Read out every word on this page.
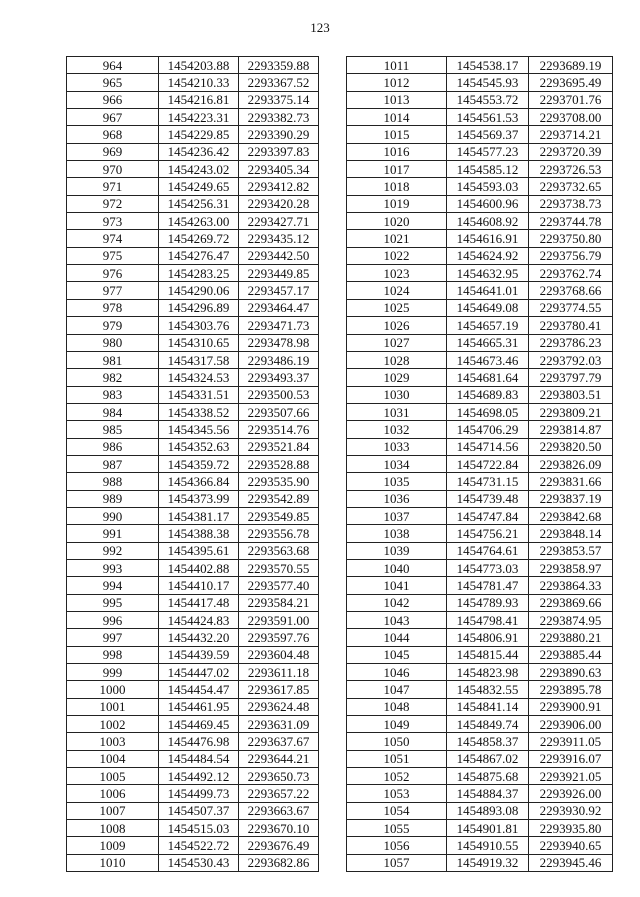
123
964	1454203.88	2293359.88
965	1454210.33	2293367.52
966	1454216.81	2293375.14
967	1454223.31	2293382.73
968	1454229.85	2293390.29
969	1454236.42	2293397.83
970	1454243.02	2293405.34
971	1454249.65	2293412.82
972	1454256.31	2293420.28
973	1454263.00	2293427.71
974	1454269.72	2293435.12
975	1454276.47	2293442.50
976	1454283.25	2293449.85
977	1454290.06	2293457.17
978	1454296.89	2293464.47
979	1454303.76	2293471.73
980	1454310.65	2293478.98
981	1454317.58	2293486.19
982	1454324.53	2293493.37
983	1454331.51	2293500.53
984	1454338.52	2293507.66
985	1454345.56	2293514.76
986	1454352.63	2293521.84
987	1454359.72	2293528.88
988	1454366.84	2293535.90
989	1454373.99	2293542.89
990	1454381.17	2293549.85
991	1454388.38	2293556.78
992	1454395.61	2293563.68
993	1454402.88	2293570.55
994	1454410.17	2293577.40
995	1454417.48	2293584.21
996	1454424.83	2293591.00
997	1454432.20	2293597.76
998	1454439.59	2293604.48
999	1454447.02	2293611.18
1000	1454454.47	2293617.85
1001	1454461.95	2293624.48
1002	1454469.45	2293631.09
1003	1454476.98	2293637.67
1004	1454484.54	2293644.21
1005	1454492.12	2293650.73
1006	1454499.73	2293657.22
1007	1454507.37	2293663.67
1008	1454515.03	2293670.10
1009	1454522.72	2293676.49
1010	1454530.43	2293682.86
1011	1454538.17	2293689.19
1012	1454545.93	2293695.49
1013	1454553.72	2293701.76
1014	1454561.53	2293708.00
1015	1454569.37	2293714.21
1016	1454577.23	2293720.39
1017	1454585.12	2293726.53
1018	1454593.03	2293732.65
1019	1454600.96	2293738.73
1020	1454608.92	2293744.78
1021	1454616.91	2293750.80
1022	1454624.92	2293756.79
1023	1454632.95	2293762.74
1024	1454641.01	2293768.66
1025	1454649.08	2293774.55
1026	1454657.19	2293780.41
1027	1454665.31	2293786.23
1028	1454673.46	2293792.03
1029	1454681.64	2293797.79
1030	1454689.83	2293803.51
1031	1454698.05	2293809.21
1032	1454706.29	2293814.87
1033	1454714.56	2293820.50
1034	1454722.84	2293826.09
1035	1454731.15	2293831.66
1036	1454739.48	2293837.19
1037	1454747.84	2293842.68
1038	1454756.21	2293848.14
1039	1454764.61	2293853.57
1040	1454773.03	2293858.97
1041	1454781.47	2293864.33
1042	1454789.93	2293869.66
1043	1454798.41	2293874.95
1044	1454806.91	2293880.21
1045	1454815.44	2293885.44
1046	1454823.98	2293890.63
1047	1454832.55	2293895.78
1048	1454841.14	2293900.91
1049	1454849.74	2293906.00
1050	1454858.37	2293911.05
1051	1454867.02	2293916.07
1052	1454875.68	2293921.05
1053	1454884.37	2293926.00
1054	1454893.08	2293930.92
1055	1454901.81	2293935.80
1056	1454910.55	2293940.65
1057	1454919.32	2293945.46
